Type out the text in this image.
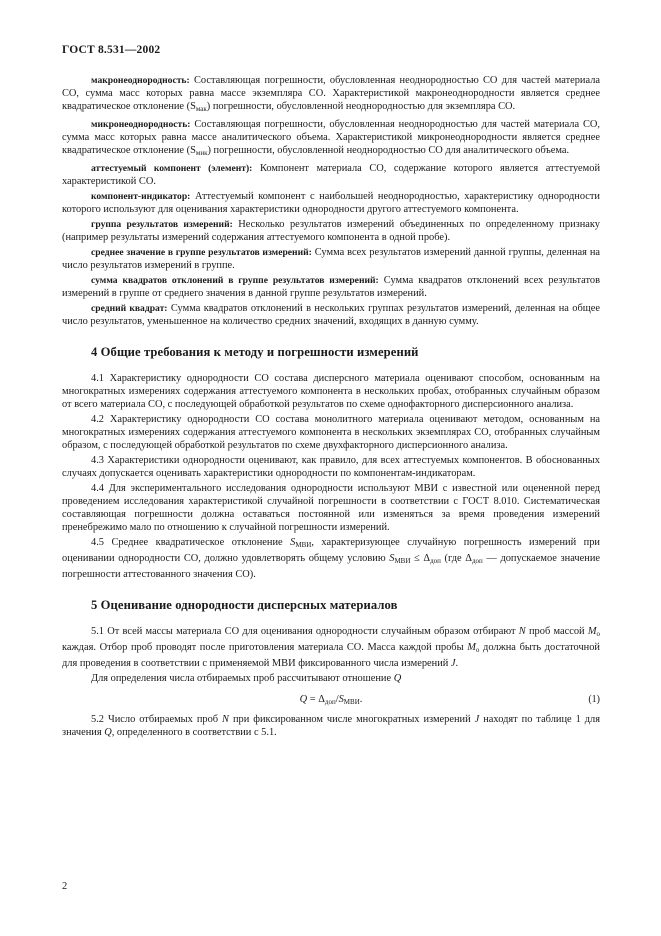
ГОСТ 8.531—2002

макронеоднородность: Составляющая погрешности, обусловленная неоднородностью СО для частей материала СО, сумма масс которых равна массе экземпляра СО. Характеристикой макронеоднородности является среднее квадратическое отклонение $(S_{мак})$ погрешности, обусловленной неоднородностью для экземпляра СО.

микронеоднородность: Составляющая погрешности, обусловленная неоднородностью для частей материала СО, сумма масс которых равна массе аналитического объема. Характеристикой микронеоднородности является среднее квадратическое отклонение $(S_{мик})$ погрешности, обусловленной неоднородностью СО для аналитического объема.

аттестуемый компонент (элемент): Компонент материала СО, содержание которого является аттестуемой характеристикой СО.

компонент-индикатор: Аттестуемый компонент с наибольшей неоднородностью, характеристику однородности которого используют для оценивания характеристики однородности другого аттестуемого компонента.

группа результатов измерений: Несколько результатов измерений объединенных по определенному признаку (например результаты измерений содержания аттестуемого компонента в одной пробе).

среднее значение в группе результатов измерений: Сумма всех результатов измерений данной группы, деленная на число результатов измерений в группе.

сумма квадратов отклонений в группе результатов измерений: Сумма квадратов отклонений всех результатов измерений в группе от среднего значения в данной группе результатов измерений.

средний квадрат: Сумма квадратов отклонений в нескольких группах результатов измерений, деленная на общее число результатов, уменьшенное на количество средних значений, входящих в данную сумму.

4 Общие требования к методу и погрешности измерений

4.1 Характеристику однородности СО состава дисперсного материала оценивают способом, основанным на многократных измерениях содержания аттестуемого компонента в нескольких пробах, отобранных случайным образом от всего материала СО, с последующей обработкой результатов по схеме однофакторного дисперсионного анализа.

4.2 Характеристику однородности СО состава монолитного материала оценивают методом, основанным на многократных измерениях содержания аттестуемого компонента в нескольких экземплярах СО, отобранных случайным образом, с последующей обработкой результатов по схеме двухфакторного дисперсионного анализа.

4.3 Характеристики однородности оценивают, как правило, для всех аттестуемых компонентов. В обоснованных случаях допускается оценивать характеристики однородности по компонентам-индикаторам.

4.4 Для экспериментального исследования однородности используют МВИ с известной или оцененной перед проведением исследования характеристикой случайной погрешности в соответствии с ГОСТ 8.010. Систематическая составляющая погрешности должна оставаться постоянной или изменяться за время проведения измерений пренебрежимо мало по отношению к случайной погрешности измерений.

4.5 Среднее квадратическое отклонение $S_{МВИ}$, характеризующее случайную погрешность измерений при оценивании однородности СО, должно удовлетворять общему условию $S_{МВИ} \le \Delta_{доп}$ (где $\Delta_{доп}$ — допускаемое значение погрешности аттестованного значения СО).

5 Оценивание однородности дисперсных материалов

5.1 От всей массы материала СО для оценивания однородности случайным образом отбирают N проб массой $M_о$ каждая. Отбор проб проводят после приготовления материала СО. Масса каждой пробы $M_о$ должна быть достаточной для проведения в соответствии с применяемой МВИ фиксированного числа измерений J.

Для определения числа отбираемых проб рассчитывают отношение Q

$Q = \Delta_{доп}/S_{МВИ}$.	(1)

5.2 Число отбираемых проб N при фиксированном числе многократных измерений J находят по таблице 1 для значения Q, определенного в соответствии с 5.1.

2
